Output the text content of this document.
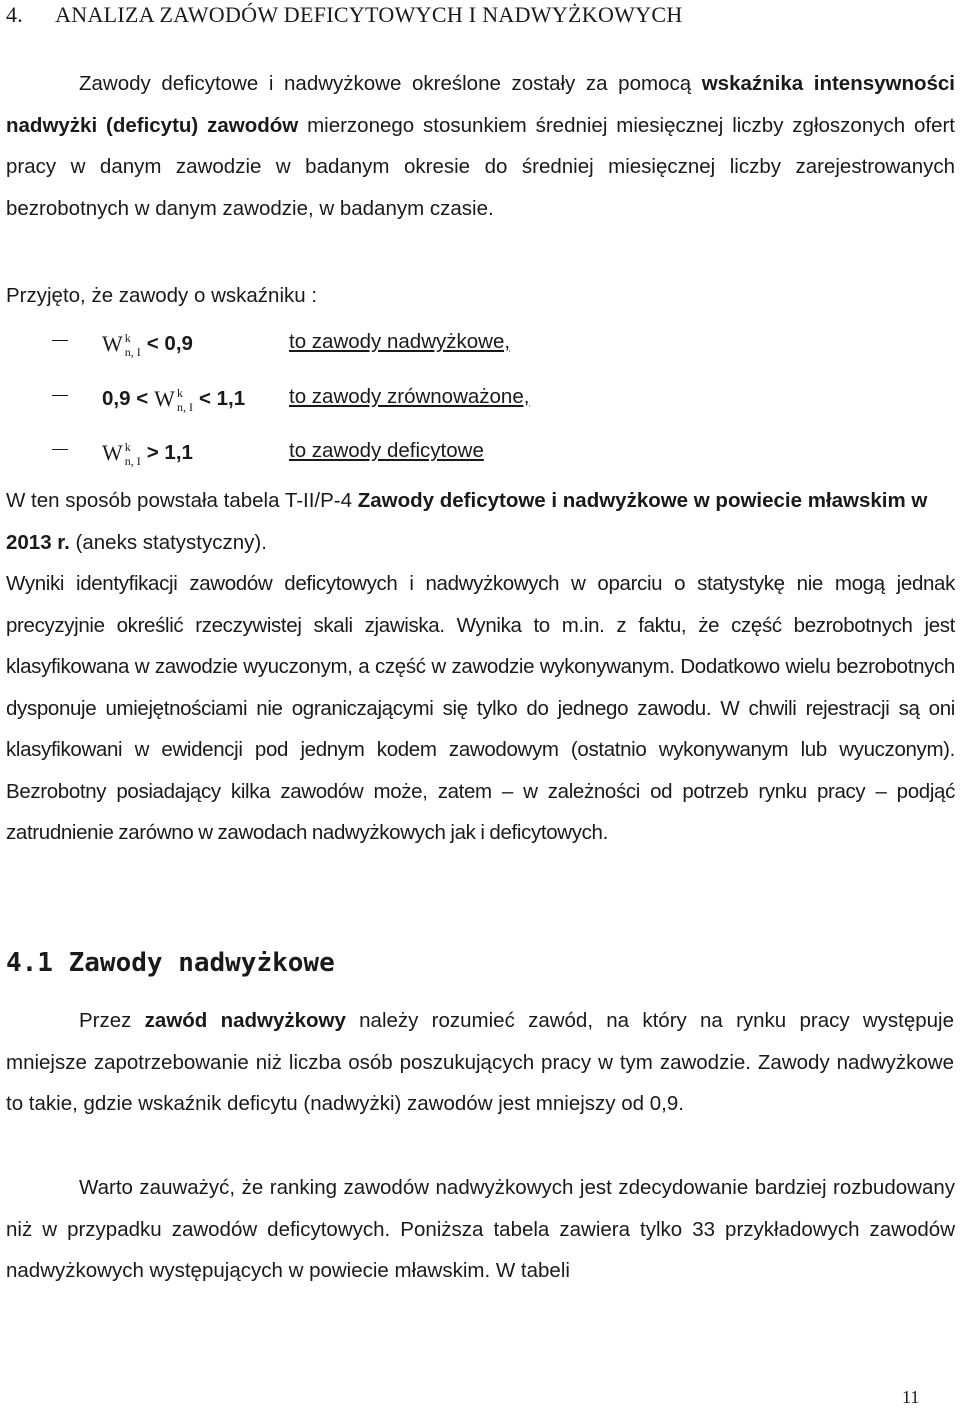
4. ANALIZA ZAWODÓW DEFICYTOWYCH I NADWYŻKOWYCH

Zawody deficytowe i nadwyżkowe określone zostały za pomocą wskaźnika intensywności nadwyżki (deficytu) zawodów mierzonego stosunkiem średniej miesięcznej liczby zgłoszonych ofert pracy w danym zawodzie w badanym okresie do średniej miesięcznej liczby zarejestrowanych bezrobotnych w danym zawodzie, w badanym czasie.

Przyjęto, że zawody o wskaźniku :

W k
n, I < 0,9	to zawody nadwyżkowe,
0,9 < W k
n, I < 1,1 to zawody zrównoważone,
W k
n, I > 1,1	to zawody deficytowe

W ten sposób powstała tabela T-II/P-4 Zawody deficytowe i nadwyżkowe w powiecie mławskim w 2013 r. (aneks statystyczny).

Wyniki identyfikacji zawodów deficytowych i nadwyżkowych w oparciu o statystykę nie mogą jednak precyzyjnie określić rzeczywistej skali zjawiska. Wynika to m.in. z faktu, że część bezrobotnych jest klasyfikowana w zawodzie wyuczonym, a część w zawodzie wykonywanym. Dodatkowo wielu bezrobotnych dysponuje umiejętnościami nie ograniczającymi się tylko do jednego zawodu. W chwili rejestracji są oni klasyfikowani w ewidencji pod jednym kodem zawodowym (ostatnio wykonywanym lub wyuczonym). Bezrobotny posiadający kilka zawodów może, zatem – w zależności od potrzeb rynku pracy – podjąć zatrudnienie zarówno w zawodach nadwyżkowych jak i deficytowych.

4.1 Zawody nadwyżkowe

Przez zawód nadwyżkowy należy rozumieć zawód, na który na rynku pracy występuje mniejsze zapotrzebowanie niż liczba osób poszukujących pracy w tym zawodzie. Zawody nadwyżkowe to takie, gdzie wskaźnik deficytu (nadwyżki) zawodów jest mniejszy od 0,9.

Warto zauważyć, że ranking zawodów nadwyżkowych jest zdecydowanie bardziej rozbudowany niż w przypadku zawodów deficytowych. Poniższa tabela zawiera tylko 33 przykładowych zawodów nadwyżkowych występujących w powiecie mławskim. W tabeli

11
